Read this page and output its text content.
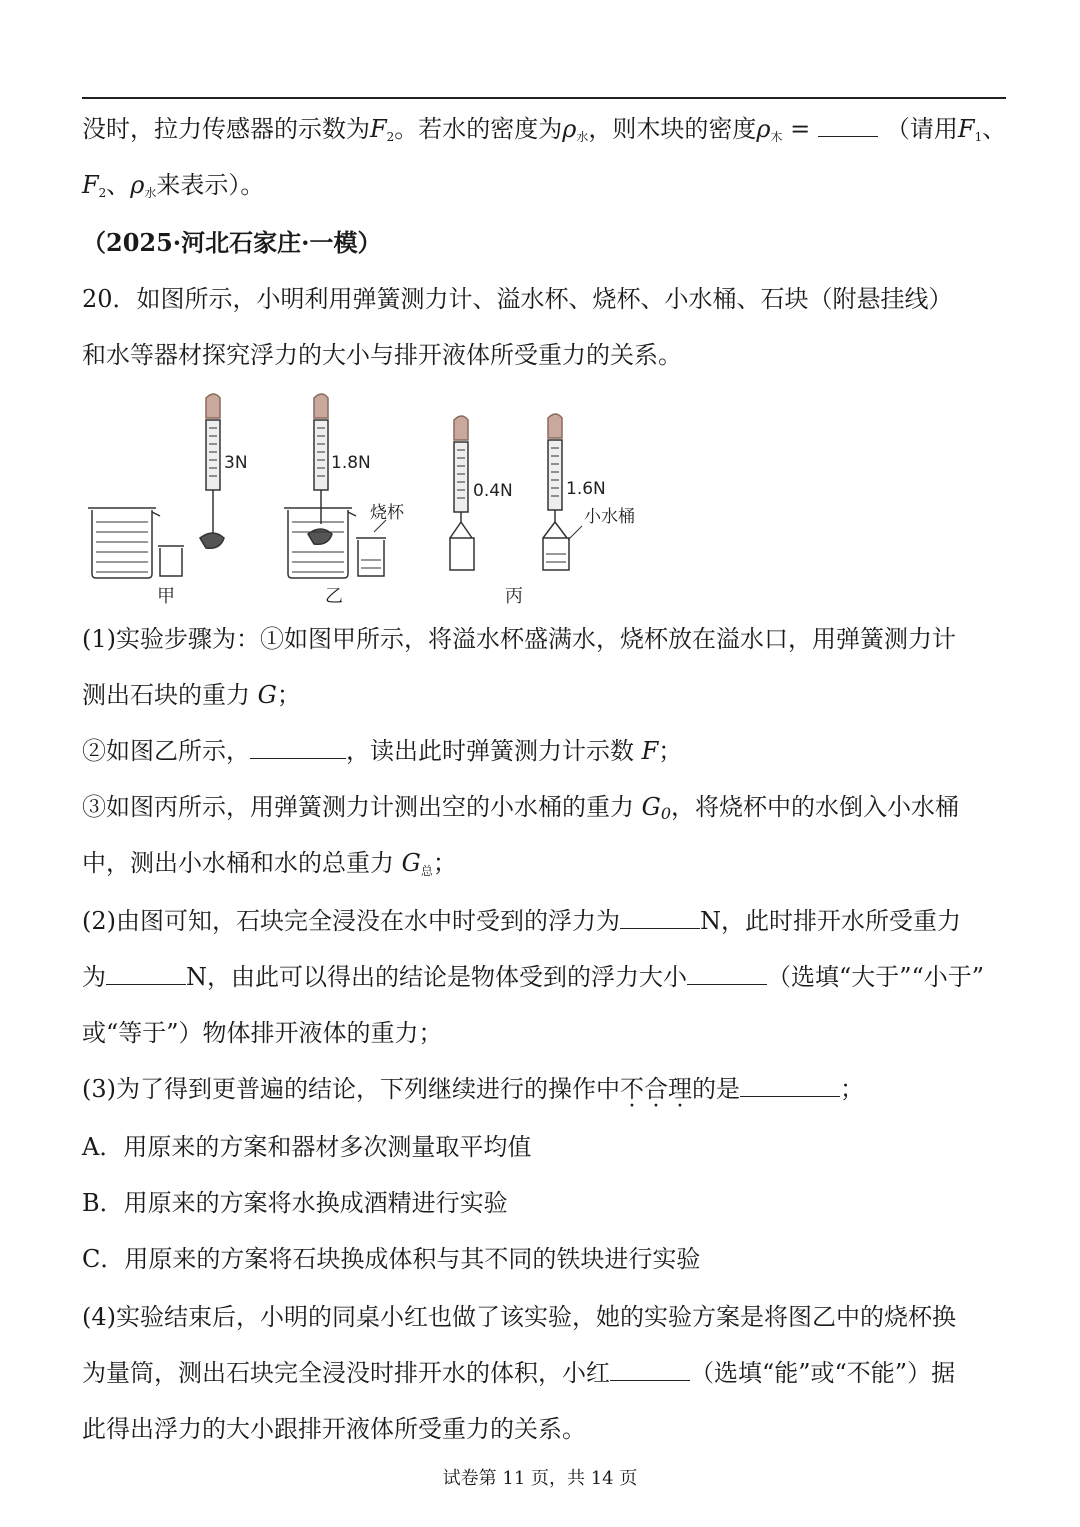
没时，拉力传感器的示数为$F_2$。若水的密度为$\rho_水$，则木块的密度$\rho_木$ =	（请用$F_1$、
$F_2$、$\rho_水$来表示）。
（2025·河北石家庄·一模）
20．如图所示，小明利用弹簧测力计、溢水杯、烧杯、小水桶、石块（附悬挂线）
和水等器材探究浮力的大小与排开液体所受重力的关系。
3N	1.8N
烧杯
0.4N	1.6N
小水桶
甲	乙	丙
(1)实验步骤为：①如图甲所示，将溢水杯盛满水，烧杯放在溢水口，用弹簧测力计
测出石块的重力 G；
②如图乙所示，	，读出此时弹簧测力计示数 F；
③如图丙所示，用弹簧测力计测出空的小水桶的重力 $G_0$，将烧杯中的水倒入小水桶
中，测出小水桶和水的总重力 $G_总$；
(2)由图可知，石块完全浸没在水中时受到的浮力为	N，此时排开水所受重力
为	N，由此可以得出的结论是物体受到的浮力大小	（选填“大于”“小于”
或“等于”）物体排开液体的重力；
(3)为了得到更普遍的结论，下列继续进行的操作中不合理的是	；
A．用原来的方案和器材多次测量取平均值
B．用原来的方案将水换成酒精进行实验
C．用原来的方案将石块换成体积与其不同的铁块进行实验
(4)实验结束后，小明的同桌小红也做了该实验，她的实验方案是将图乙中的烧杯换
为量筒，测出石块完全浸没时排开水的体积，小红	（选填“能”或“不能”）据
此得出浮力的大小跟排开液体所受重力的关系。
试卷第 11 页，共 14 页
